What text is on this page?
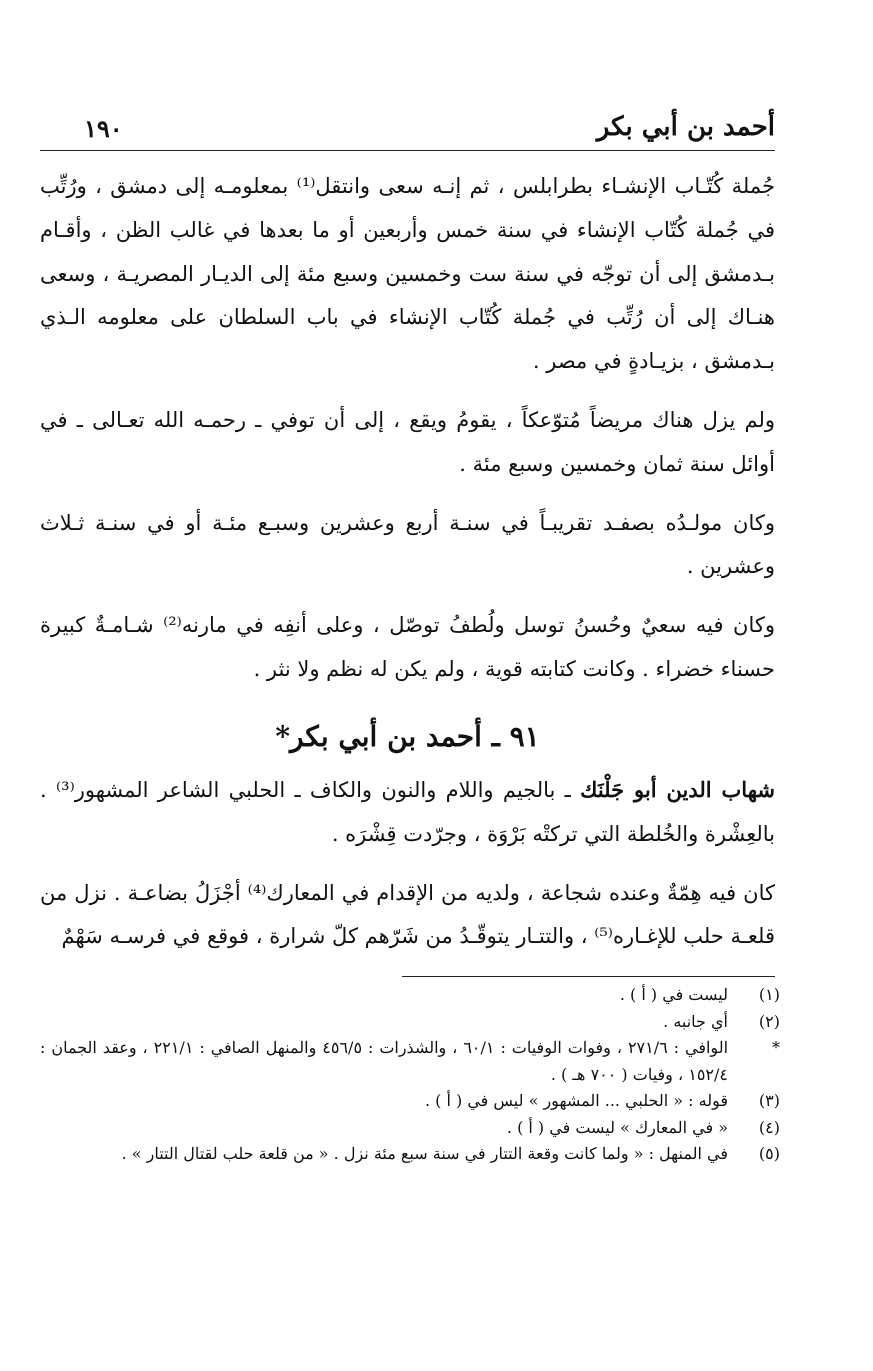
أحمد بن أبي بكر
١٩٠

جُملة كُتّـاب الإنشـاء بطرابلس ، ثم إنـه سعى وانتقل⁽¹⁾ بمعلومـه إلى دمشق ، ورُتِّب في جُملة كُتّاب الإنشاء في سنة خمس وأربعين أو ما بعدها في غالب الظن ، وأقـام بـدمشق إلى أن توجّه في سنة ست وخمسين وسبع مئة إلى الديـار المصريـة ، وسعى هنـاك إلى أن رُتِّب في جُملة كُتّاب الإنشاء في باب السلطان على معلومه الـذي بـدمشق ، بزيـادةٍ في مصر .

ولم يزل هناك مريضاً مُتوّعكاً ، يقومُ ويقع ، إلى أن توفي ـ رحمـه الله تعـالى ـ في أوائل سنة ثمان وخمسين وسبع مئة .

وكان مولـدُه بصفـد تقريبـاً في سنـة أربع وعشرين وسبـع مئـة أو في سنـة ثـلاث وعشرين .

وكان فيه سعيٌ وحُسنُ توسل ولُطفُ توصّل ، وعلى أنفِه في مارنه⁽²⁾ شـامـةٌ كبيرة حسناء خضراء . وكانت كتابته قوية ، ولم يكن له نظم ولا نثر .

٩١ ـ أحمد بن أبي بكر*

شهاب الدين أبو جَلْنَك ـ بالجيم واللام والنون والكاف ـ الحلبي الشاعر المشهور⁽³⁾ . بالعِشْرة والخُلطة التي تركتْه بَرْوَة ، وجرّدت قِشْرَه .

كان فيه هِمّةٌ وعنده شجاعة ، ولديه من الإقدام في المعارك⁽⁴⁾ أجْزَلُ بضاعـة . نزل من قلعـة حلب للإغـاره⁽⁵⁾ ، والتتـار يتوقّـدُ من شَرّهم كلّ شرارة ، فوقع في فرسـه سَهْمٌ

(١)
ليست في ( أ ) .
(٢)
أي جانبه .
*
الوافي : ٢٧١/٦ ، وفوات الوفيات : ٦٠/١ ، والشذرات : ٤٥٦/٥ والمنهل الصافي : ٢٢١/١ ، وعقد الجمان : ١٥٢/٤ ، وفيات ( ٧٠٠ هـ ) .
(٣)
قوله : « الحلبي ... المشهور » ليس في ( أ ) .
(٤)
« في المعارك » ليست في ( أ ) .
(٥)
في المنهل : « ولما كانت وقعة التتار في سنة سبع مئة نزل . « من قلعة حلب لقتال التتار » .
